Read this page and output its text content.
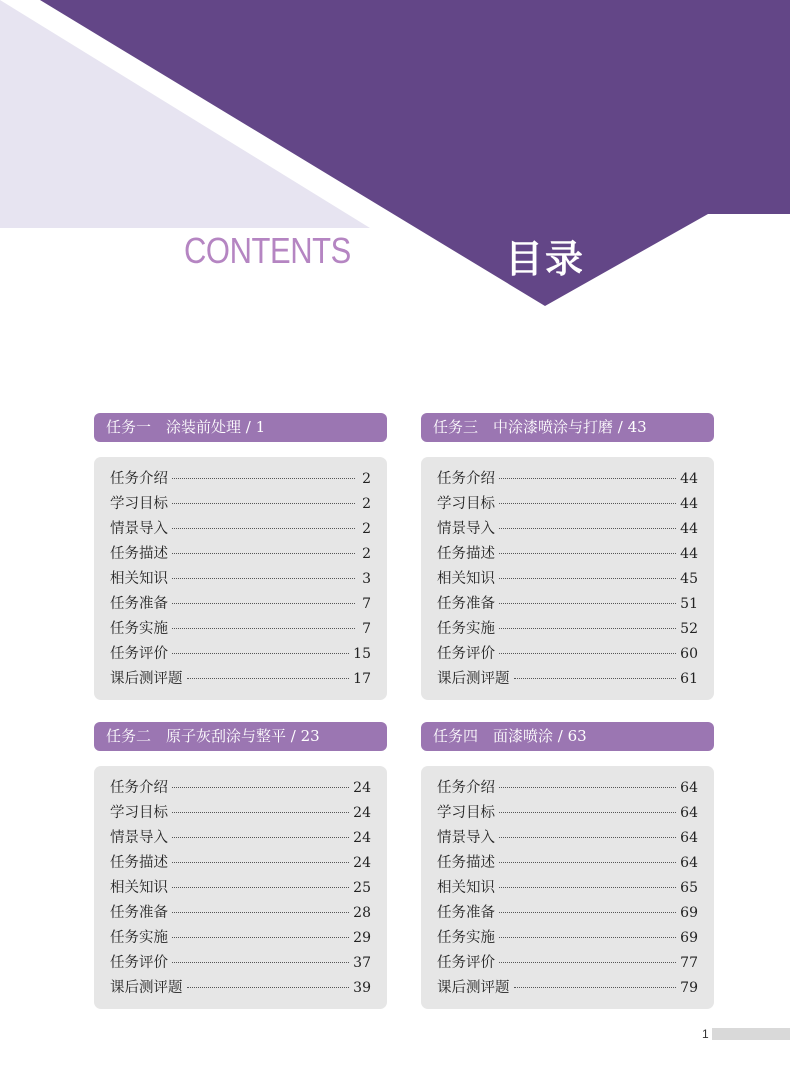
CONTENTS	目录
任务一　涂装前处理 / 1
任务介绍	2
学习目标	2
情景导入	2
任务描述	2
相关知识	3
任务准备	7
任务实施	7
任务评价	15
课后测评题	17
任务三　中涂漆喷涂与打磨 / 43
任务介绍	44
学习目标	44
情景导入	44
任务描述	44
相关知识	45
任务准备	51
任务实施	52
任务评价	60
课后测评题	61
任务二　原子灰刮涂与整平 / 23
任务介绍	24
学习目标	24
情景导入	24
任务描述	24
相关知识	25
任务准备	28
任务实施	29
任务评价	37
课后测评题	39
任务四　面漆喷涂 / 63
任务介绍	64
学习目标	64
情景导入	64
任务描述	64
相关知识	65
任务准备	69
任务实施	69
任务评价	77
课后测评题	79
1
